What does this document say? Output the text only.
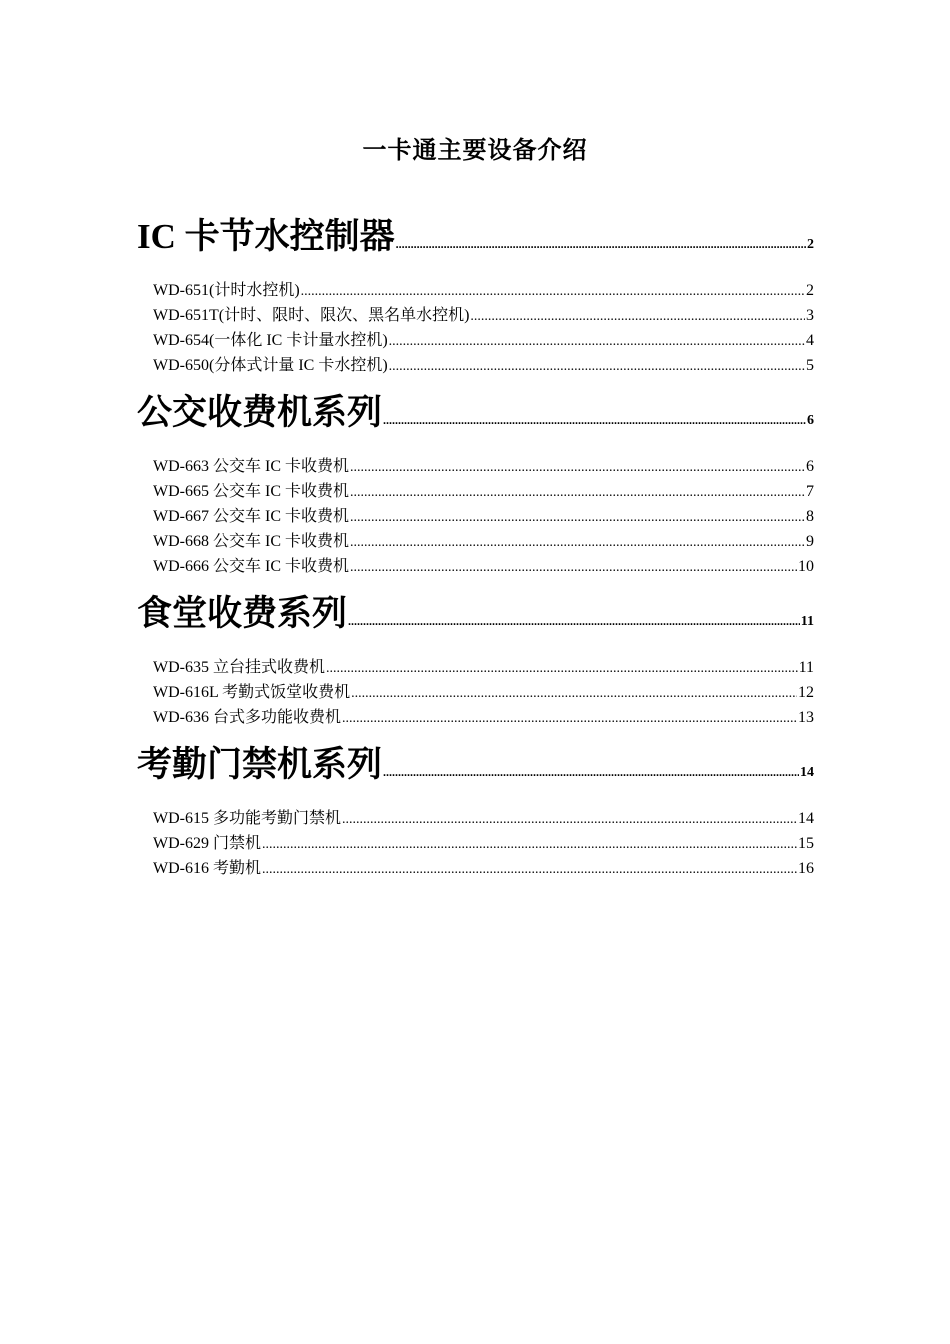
一卡通主要设备介绍
IC 卡节水控制器 .....	2
WD-651(计时水控机) .....	2
WD-651T(计时、限时、限次、黑名单水控机) .....	3
WD-654(一体化 IC 卡计量水控机) .....	4
WD-650(分体式计量 IC 卡水控机) .....	5
公交收费机系列 .....	6
WD-663 公交车 IC 卡收费机 .....	6
WD-665 公交车 IC 卡收费机 .....	7
WD-667 公交车 IC 卡收费机 .....	8
WD-668 公交车 IC 卡收费机 .....	9
WD-666 公交车 IC 卡收费机 .....	10
食堂收费系列 .....	11
WD-635 立台挂式收费机 .....	11
WD-616L 考勤式饭堂收费机 .....	12
WD-636 台式多功能收费机 .....	13
考勤门禁机系列 .....	14
WD-615 多功能考勤门禁机 .....	14
WD-629 门禁机 .....	15
WD-616 考勤机 .....	16
